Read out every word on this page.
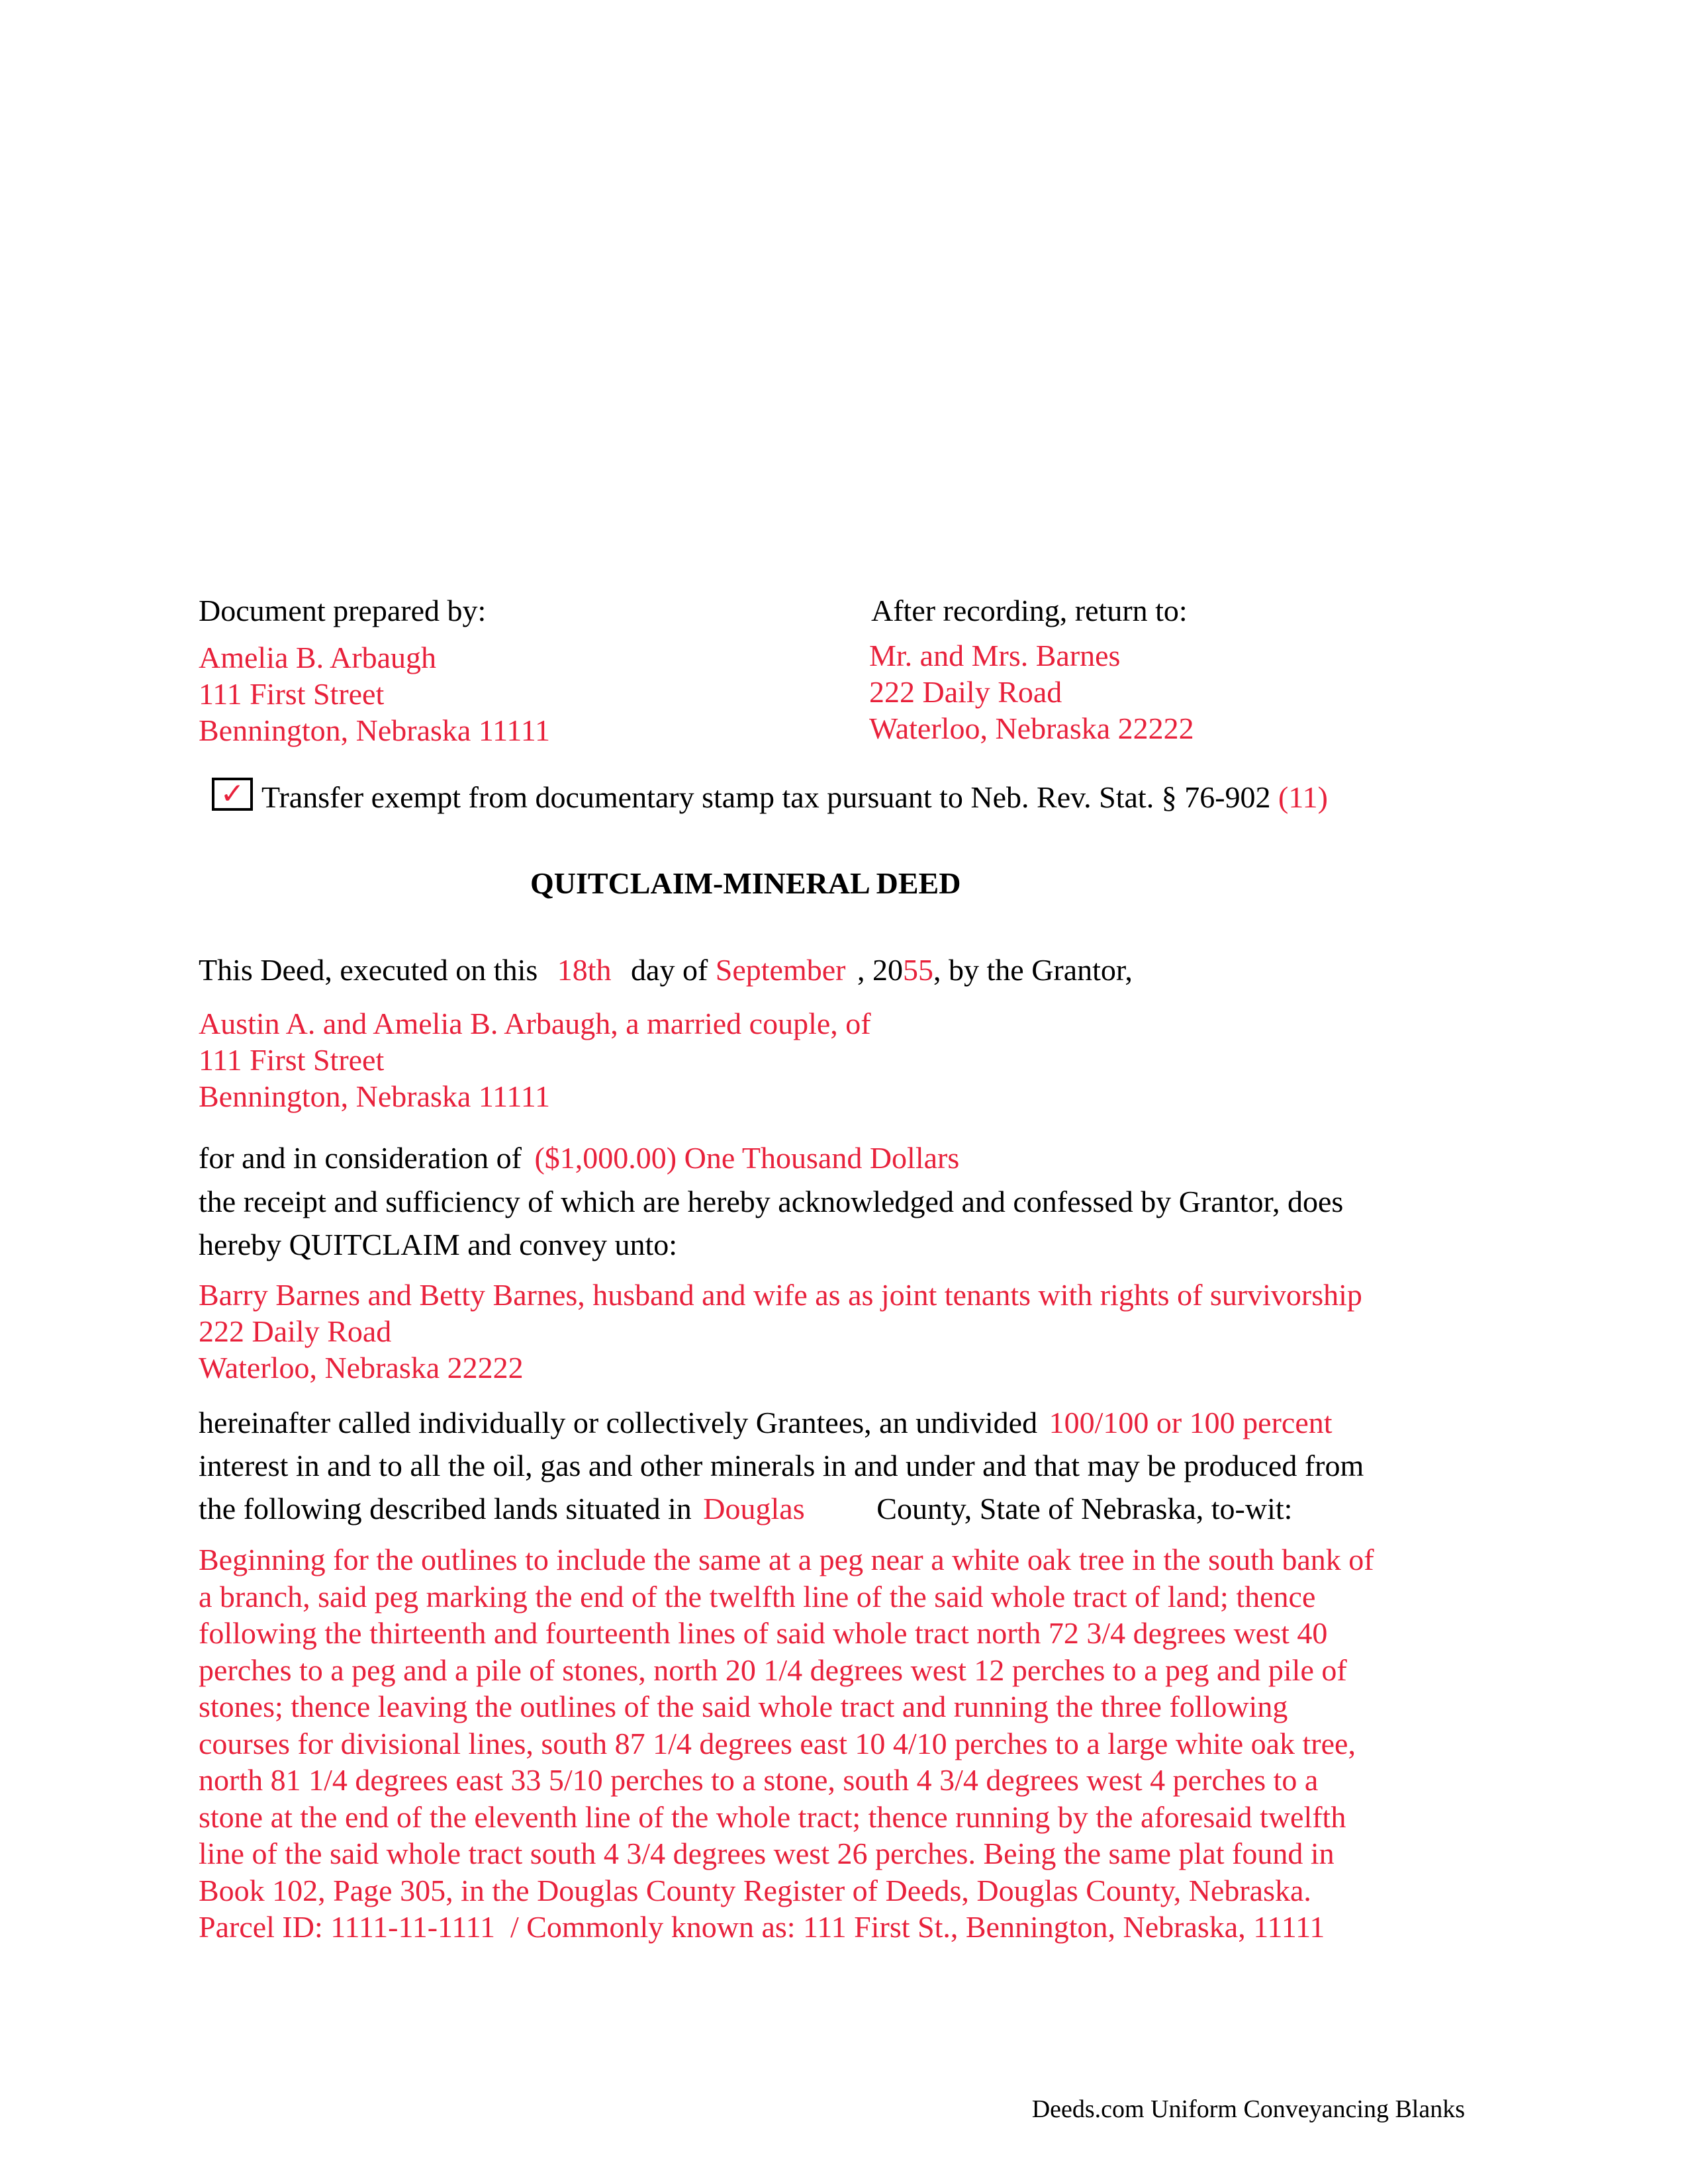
Document prepared by:
Amelia B. Arbaugh
111 First Street
Bennington, Nebraska 11111
After recording, return to:
Mr. and Mrs. Barnes
222 Daily Road
Waterloo, Nebraska 22222
✓ Transfer exempt from documentary stamp tax pursuant to Neb. Rev. Stat. § 76-902 (11)
QUITCLAIM-MINERAL DEED
This Deed, executed on this 18th day of September , 2055, by the Grantor,
Austin A. and Amelia B. Arbaugh, a married couple, of
111 First Street
Bennington, Nebraska 11111
for and in consideration of ($1,000.00) One Thousand Dollars
the receipt and sufficiency of which are hereby acknowledged and confessed by Grantor, does
hereby QUITCLAIM and convey unto:
Barry Barnes and Betty Barnes, husband and wife as as joint tenants with rights of survivorship
222 Daily Road
Waterloo, Nebraska 22222
hereinafter called individually or collectively Grantees, an undivided 100/100 or 100 percent
interest in and to all the oil, gas and other minerals in and under and that may be produced from
the following described lands situated in Douglas County, State of Nebraska, to-wit:
Beginning for the outlines to include the same at a peg near a white oak tree in the south bank of
a branch, said peg marking the end of the twelfth line of the said whole tract of land; thence
following the thirteenth and fourteenth lines of said whole tract north 72 3/4 degrees west 40
perches to a peg and a pile of stones, north 20 1/4 degrees west 12 perches to a peg and pile of
stones; thence leaving the outlines of the said whole tract and running the three following
courses for divisional lines, south 87 1/4 degrees east 10 4/10 perches to a large white oak tree,
north 81 1/4 degrees east 33 5/10 perches to a stone, south 4 3/4 degrees west 4 perches to a
stone at the end of the eleventh line of the whole tract; thence running by the aforesaid twelfth
line of the said whole tract south 4 3/4 degrees west 26 perches. Being the same plat found in
Book 102, Page 305, in the Douglas County Register of Deeds, Douglas County, Nebraska.
Parcel ID: 1111-11-1111  / Commonly known as: 111 First St., Bennington, Nebraska, 11111
Deeds.com Uniform Conveyancing Blanks
